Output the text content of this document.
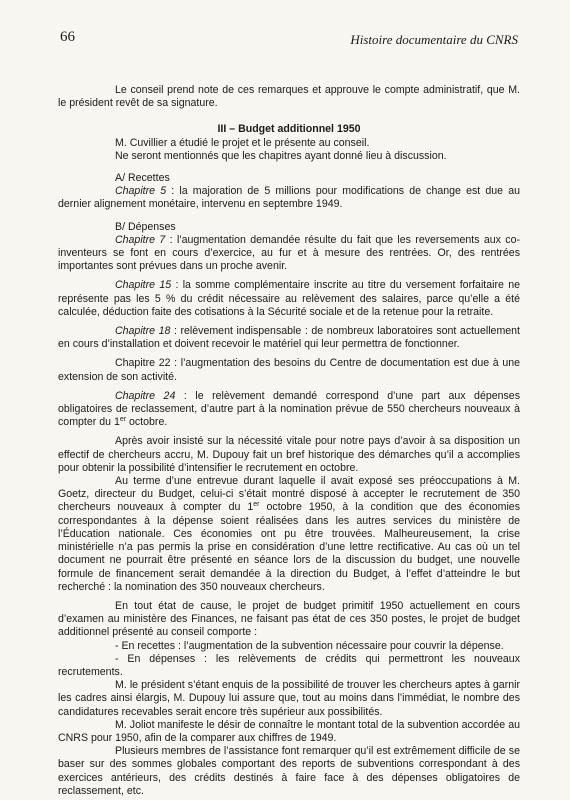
66	Histoire documentaire du CNRS

Le conseil prend note de ces remarques et approuve le compte administratif, que M. le président revêt de sa signature.

III – Budget additionnel 1950

M. Cuvillier a étudié le projet et le présente au conseil.

Ne seront mentionnés que les chapitres ayant donné lieu à discussion.

A/ Recettes

Chapitre 5 : la majoration de 5 millions pour modifications de change est due au dernier alignement monétaire, intervenu en septembre 1949.

B/ Dépenses

Chapitre 7 : l’augmentation demandée résulte du fait que les reversements aux co-inventeurs se font en cours d’exercice, au fur et à mesure des rentrées. Or, des rentrées importantes sont prévues dans un proche avenir.

Chapitre 15 : la somme complémentaire inscrite au titre du versement forfaitaire ne représente pas les 5 % du crédit nécessaire au relèvement des salaires, parce qu’elle a été calculée, déduction faite des cotisations à la Sécurité sociale et de la retenue pour la retraite.

Chapitre 18 : relèvement indispensable : de nombreux laboratoires sont actuellement en cours d’installation et doivent recevoir le matériel qui leur permettra de fonctionner.

Chapitre 22 : l’augmentation des besoins du Centre de documentation est due à une extension de son activité.

Chapitre 24 : le relèvement demandé correspond d’une part aux dépenses obligatoires de reclassement, d’autre part à la nomination prévue de 550 chercheurs nouveaux à compter du 1er octobre.

Après avoir insisté sur la nécessité vitale pour notre pays d’avoir à sa disposition un effectif de chercheurs accru, M. Dupouy fait un bref historique des démarches qu’il a accomplies pour obtenir la possibilité d’intensifier le recrutement en octobre.

Au terme d’une entrevue durant laquelle il avait exposé ses préoccupations à M. Goetz, directeur du Budget, celui-ci s’était montré disposé à accepter le recrutement de 350 chercheurs nouveaux à compter du 1er octobre 1950, à la condition que des économies correspondantes à la dépense soient réalisées dans les autres services du ministère de l’Éducation nationale. Ces économies ont pu être trouvées. Malheureusement, la crise ministérielle n’a pas permis la prise en considération d’une lettre rectificative. Au cas où un tel document ne pourrait être présenté en séance lors de la discussion du budget, une nouvelle formule de financement serait demandée à la direction du Budget, à l’effet d’atteindre le but recherché : la nomination des 350 nouveaux chercheurs.

En tout état de cause, le projet de budget primitif 1950 actuellement en cours d’examen au ministère des Finances, ne faisant pas état de ces 350 postes, le projet de budget additionnel présenté au conseil comporte :

- En recettes : l’augmentation de la subvention nécessaire pour couvrir la dépense.

- En dépenses : les relèvements de crédits qui permettront les nouveaux recrutements.

M. le président s’étant enquis de la possibilité de trouver les chercheurs aptes à garnir les cadres ainsi élargis, M. Dupouy lui assure que, tout au moins dans l’immédiat, le nombre des candidatures recevables serait encore très supérieur aux possibilités.

M. Joliot manifeste le désir de connaître le montant total de la subvention accordée au CNRS pour 1950, afin de la comparer aux chiffres de 1949.

Plusieurs membres de l’assistance font remarquer qu’il est extrêmement difficile de se baser sur des sommes globales comportant des reports de subventions correspondant à des exercices antérieurs, des crédits destinés à faire face à des dépenses obligatoires de reclassement, etc.
